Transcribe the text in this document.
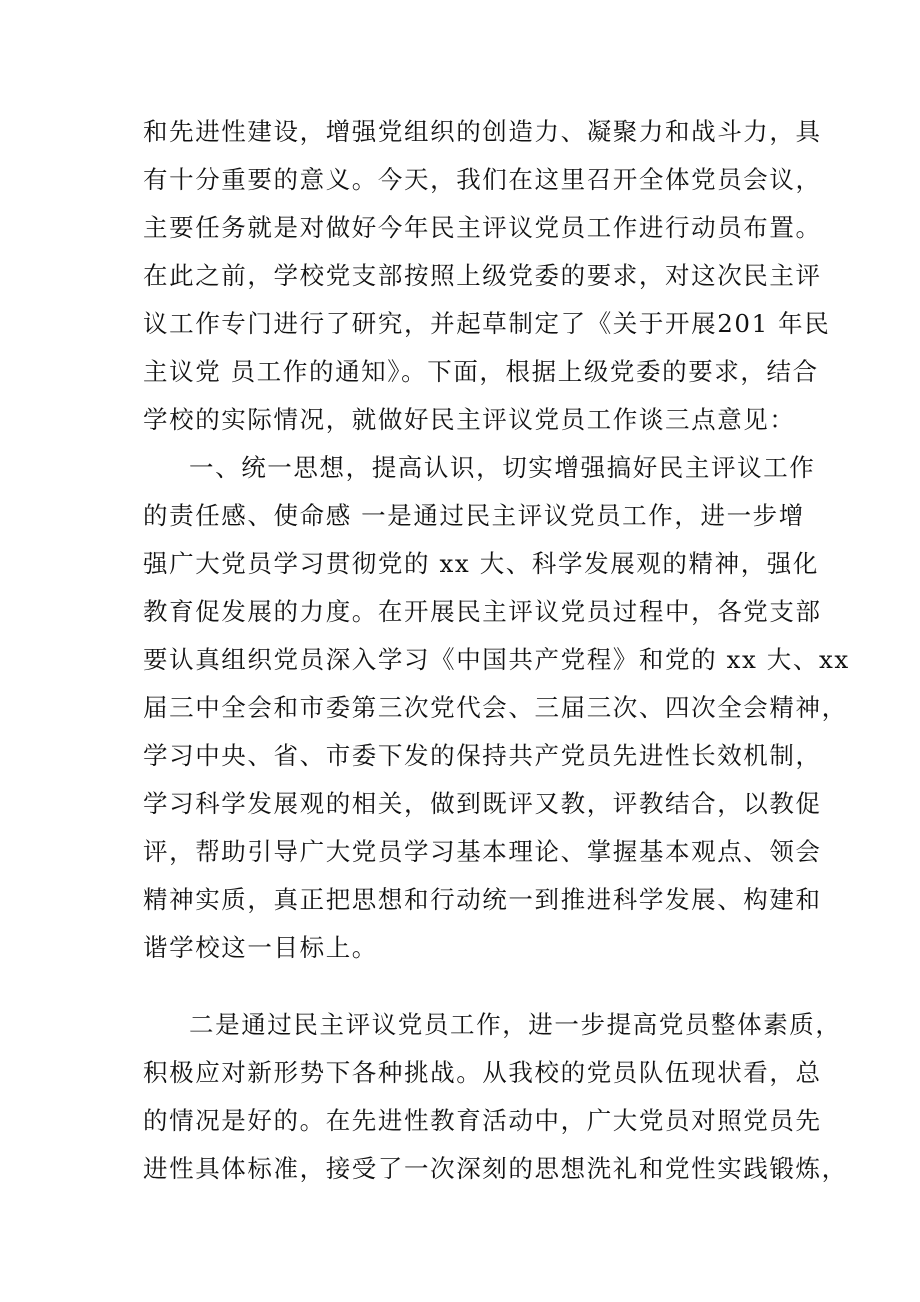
和先进性建设，增强党组织的创造力、凝聚力和战斗力，具
有十分重要的意义。今天，我们在这里召开全体党员会议，
主要任务就是对做好今年民主评议党员工作进行动员布置。
在此之前，学校党支部按照上级党委的要求，对这次民主评
议工作专门进行了研究，并起草制定了《关于开展201 年民
主议党 员工作的通知》。下面，根据上级党委的要求，结合
学校的实际情况，就做好民主评议党员工作谈三点意见：
一、统一思想，提高认识，切实增强搞好民主评议工作
的责任感、使命感 一是通过民主评议党员工作，进一步增
强广大党员学习贯彻党的 xx 大、科学发展观的精神，强化
教育促发展的力度。在开展民主评议党员过程中，各党支部
要认真组织党员深入学习《中国共产党程》和党的 xx 大、xx
届三中全会和市委第三次党代会、三届三次、四次全会精神，
学习中央、省、市委下发的保持共产党员先进性长效机制，
学习科学发展观的相关，做到既评又教，评教结合，以教促
评，帮助引导广大党员学习基本理论、掌握基本观点、领会
精神实质，真正把思想和行动统一到推进科学发展、构建和
谐学校这一目标上。
二是通过民主评议党员工作，进一步提高党员整体素质，
积极应对新形势下各种挑战。从我校的党员队伍现状看，总
的情况是好的。在先进性教育活动中，广大党员对照党员先
进性具体标准，接受了一次深刻的思想洗礼和党性实践锻炼，
